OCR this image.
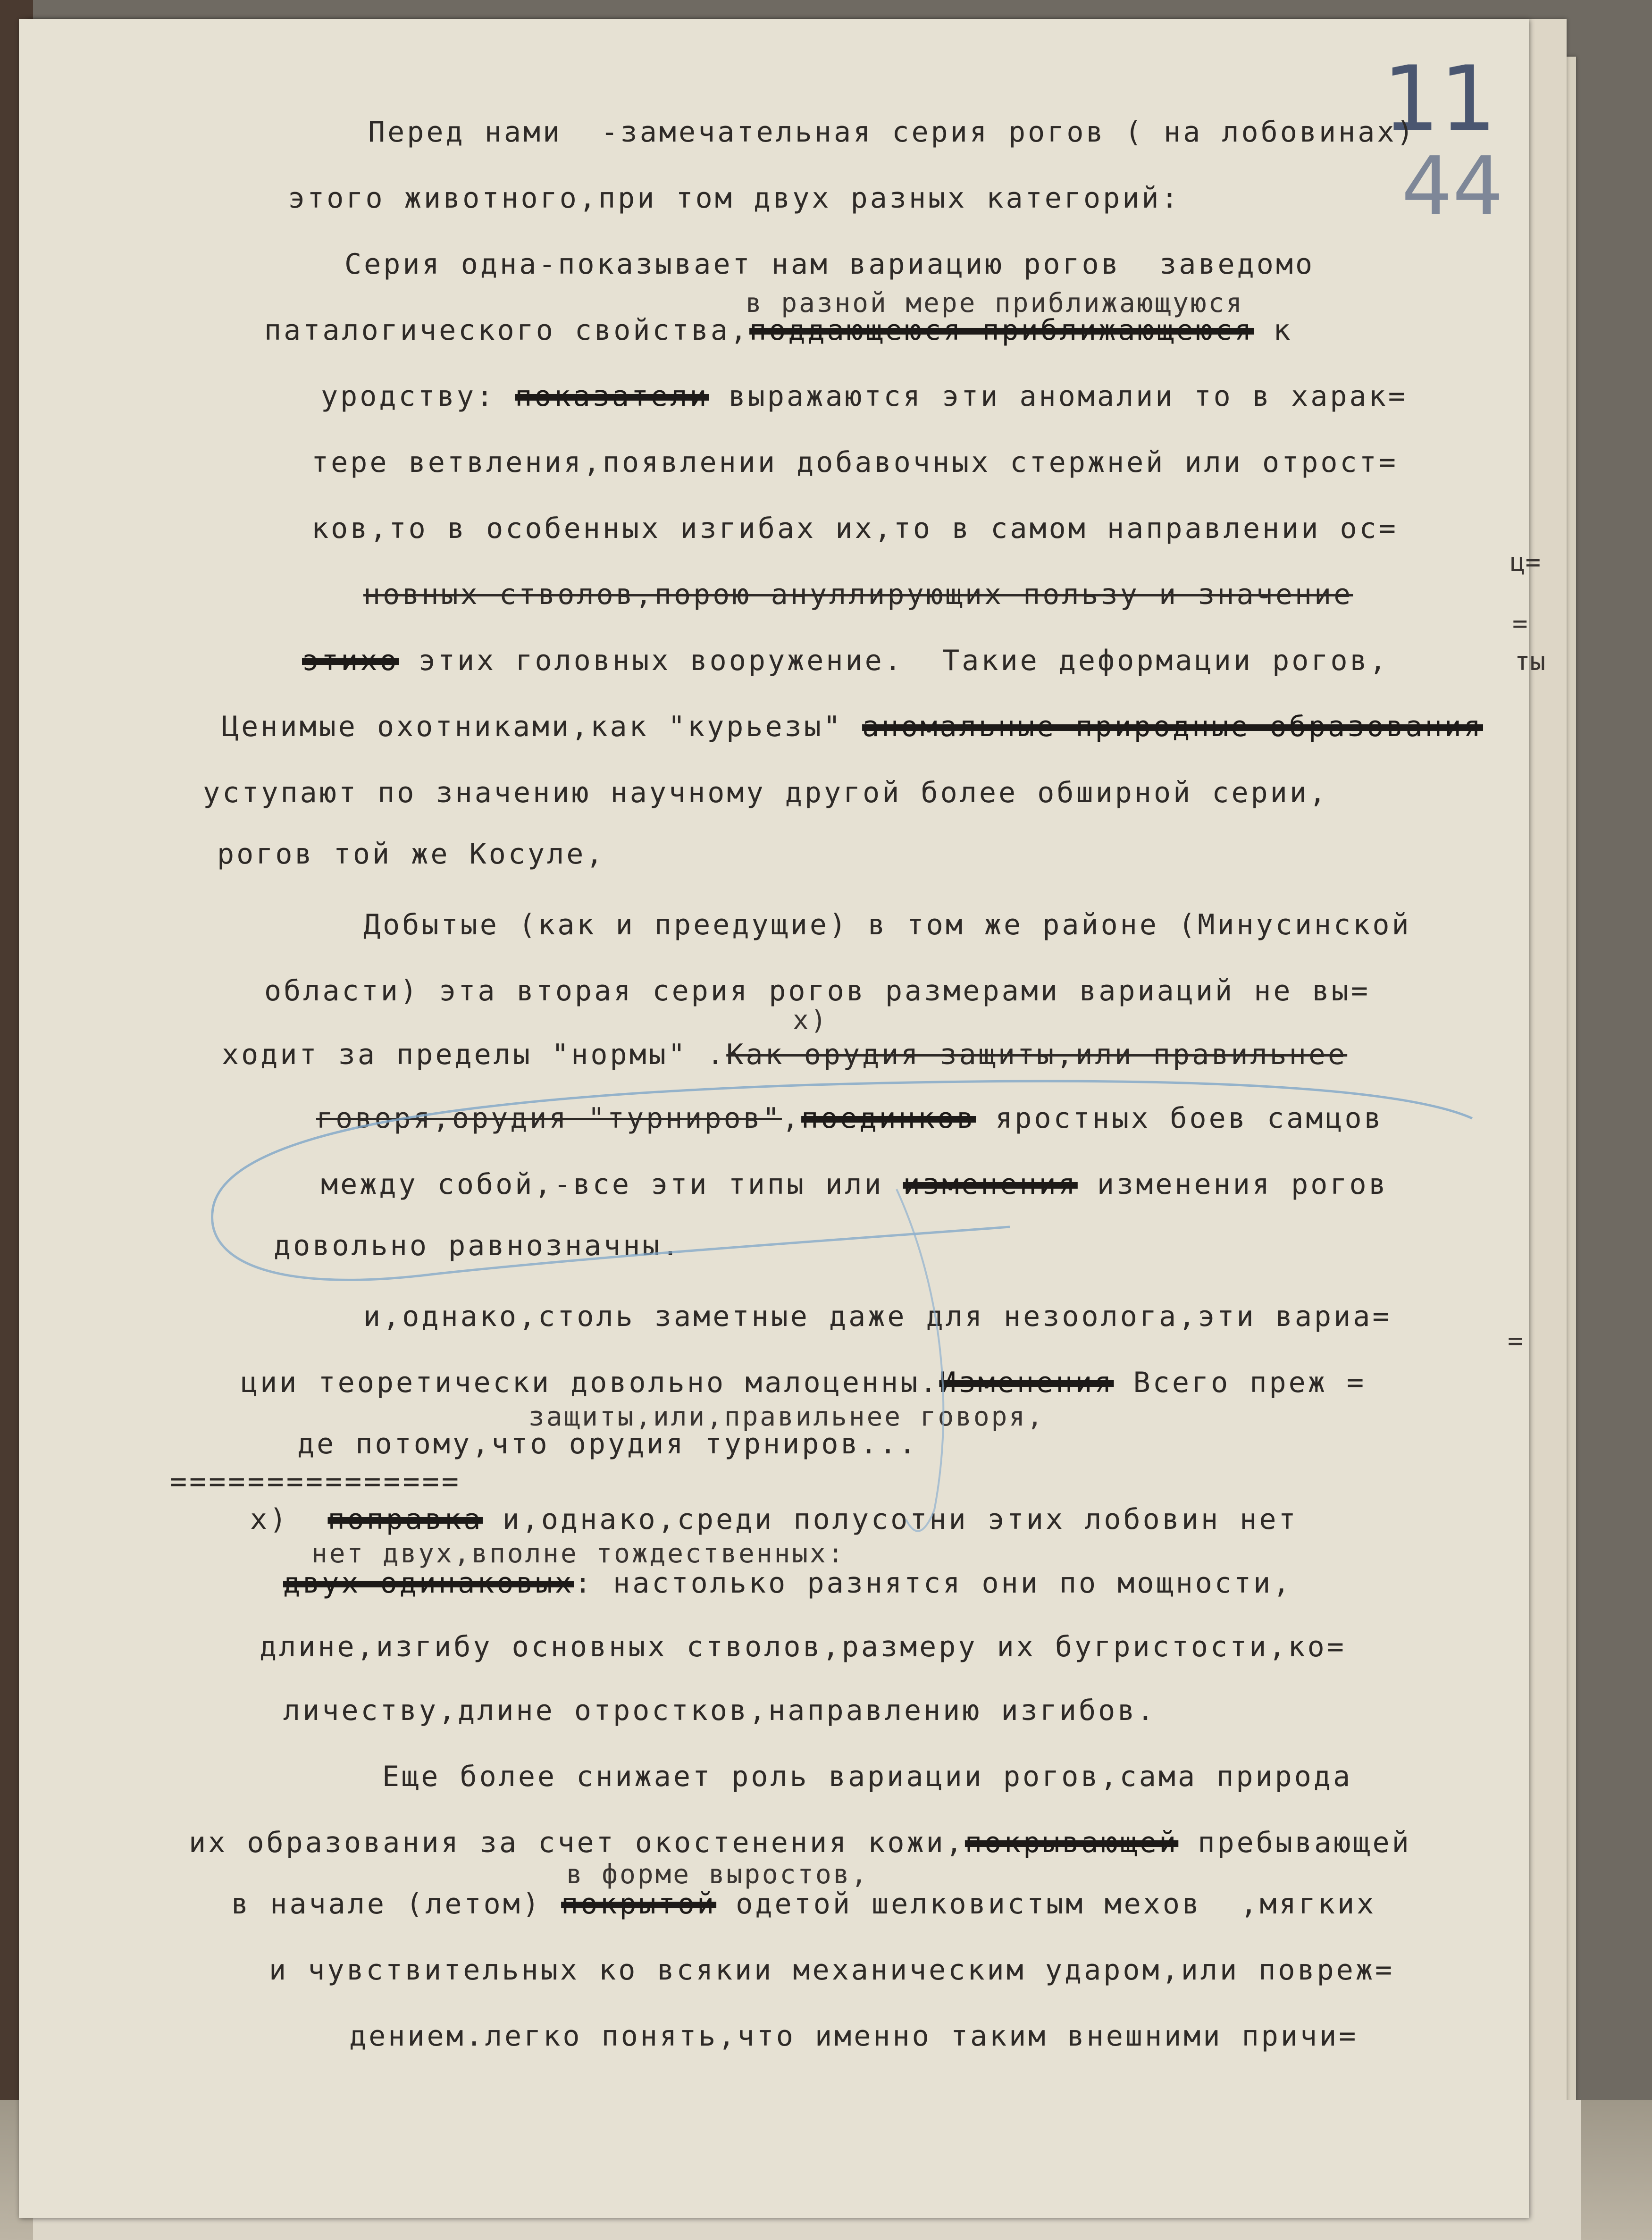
11
44
Перед нами  -замечательная серия рогов ( на лобовинах)
этого животного,при том двух разных категорий:
Серия одна-показывает нам вариацию рогов  заведомо
в разной мере приближающуюся
паталогического свойства,поддающеюся приближающеюся к
уродству: показатели выражаются эти аномалии то в харак=
тере ветвления,появлении добавочных стержней или отрост=
ков,то в особенных изгибах их,то в самом направлении ос=
новных стволов,порою ануллирующих пользу и значение
этихо этих головных вооружение.  Такие деформации рогов,
Ценимые охотниками,как "курьезы" аномальные природные образования
уступают по значению научному другой более обширной серии,
рогов той же Косуле,
Добытые (как и преедущие) в том же районе (Минусинской
области) эта вторая серия рогов размерами вариаций не вы=
x)
ходит за пределы "нормы" .Как орудия защиты,или правильнее
говоря,орудия "турниров",поединков яростных боев самцов
между собой,-все эти типы или изменения изменения рогов
довольно равнозначны.
и,однако,столь заметные даже для незоолога,эти вариа=
ции теоретически довольно малоценны.Изменения Всего преж =
защиты,или,правильнее говоря,
де потому,что орудия турниров...
===============
x)  поправка и,однако,среди полусотни этих лобовин нет
нет двух,вполне тождественных:
двух одинаковых: настолько разнятся они по мощности,
длине,изгибу основных стволов,размеру их бугристости,ко=
личеству,длине отростков,направлению изгибов.
Еще более снижает роль вариации рогов,сама природа
их образования за счет окостенения кожи,покрывающей пребывающей
в форме выростов,
в начале (летом) покрытой одетой шелковистым мехов  ,мягких
и чувствительных ко всякии механическим ударом,или повреж=
дением.легко понять,что именно таким внешними причи=
ц=
=
ты
=
